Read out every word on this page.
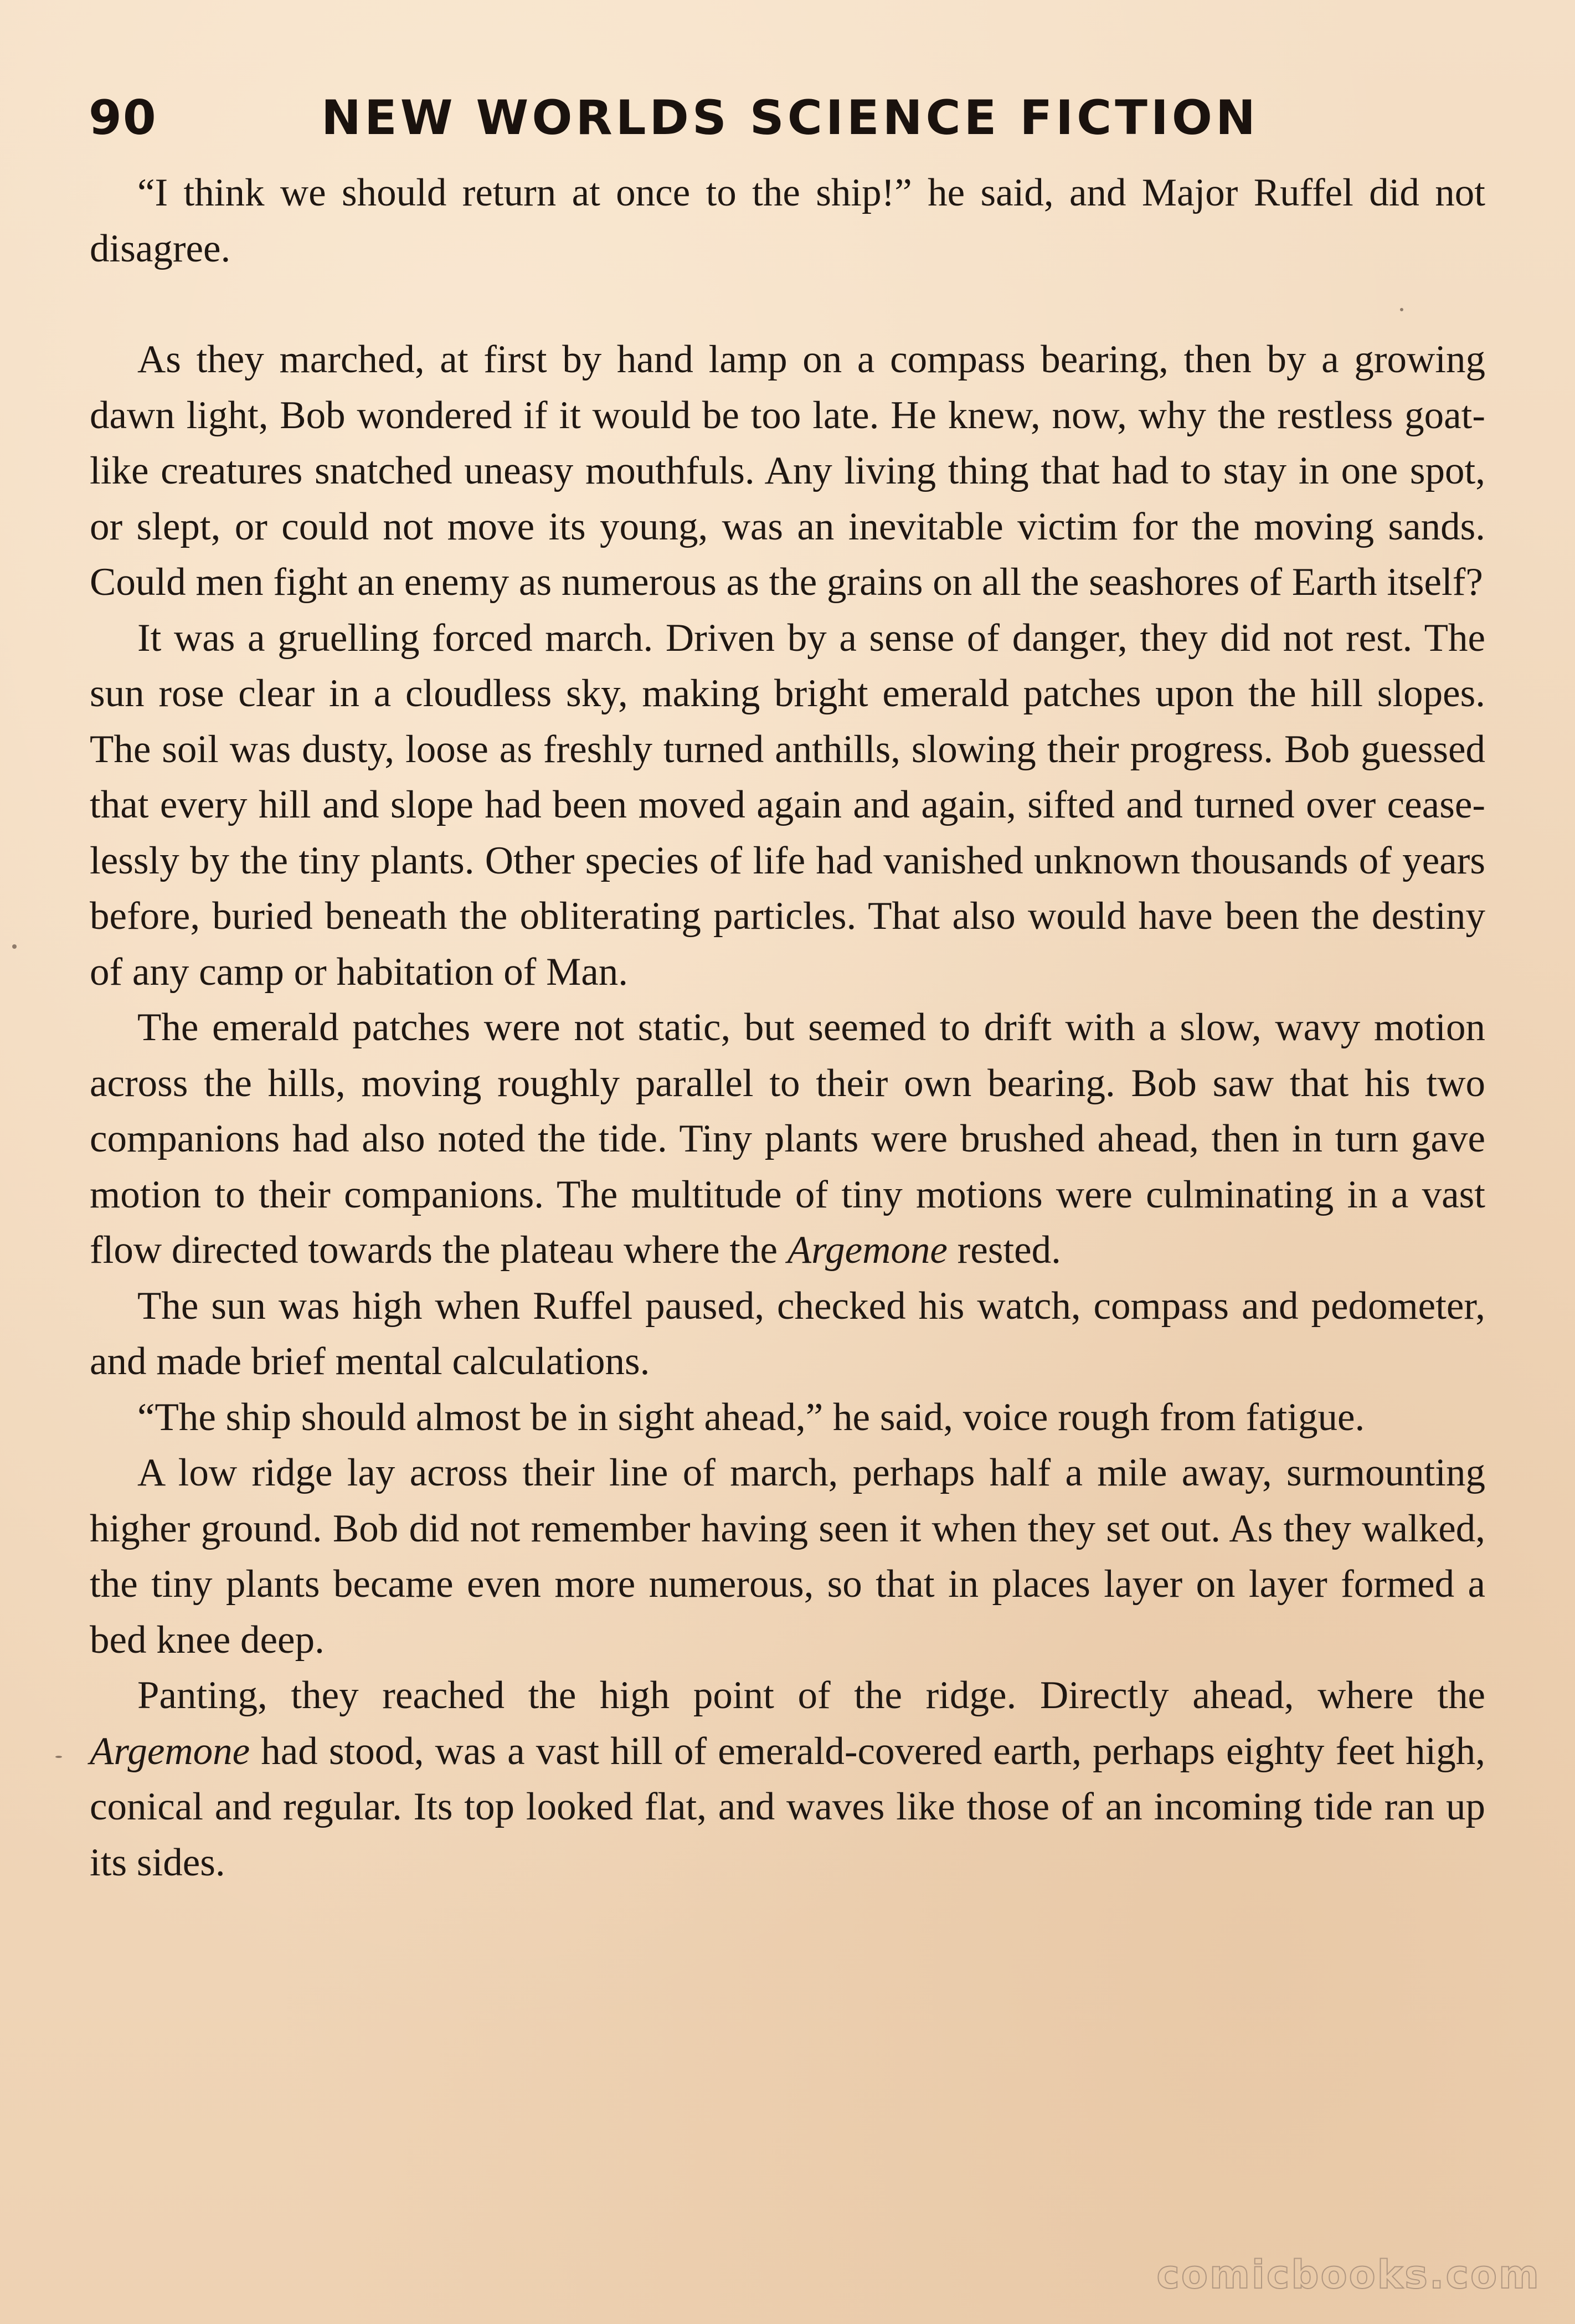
90	NEW WORLDS SCIENCE FICTION

“I think we should return at once to the ship!” he said, and Major Ruffel did not disagree.

As they marched, at first by hand lamp on a compass bearing, then by a growing dawn light, Bob wondered if it would be too late. He knew, now, why the restless goat-like creatures snatched uneasy mouthfuls. Any living thing that had to stay in one spot, or slept, or could not move its young, was an inevitable victim for the moving sands. Could men fight an enemy as numerous as the grains on all the seashores of Earth itself?

It was a gruelling forced march. Driven by a sense of danger, they did not rest. The sun rose clear in a cloudless sky, making bright emerald patches upon the hill slopes. The soil was dusty, loose as freshly turned anthills, slowing their progress. Bob guessed that every hill and slope had been moved again and again, sifted and turned over ceaselessly by the tiny plants. Other species of life had vanished unknown thousands of years before, buried beneath the obliterating particles. That also would have been the destiny of any camp or habitation of Man.

The emerald patches were not static, but seemed to drift with a slow, wavy motion across the hills, moving roughly parallel to their own bearing. Bob saw that his two companions had also noted the tide. Tiny plants were brushed ahead, then in turn gave motion to their companions. The multitude of tiny motions were culminating in a vast flow directed towards the plateau where the Argemone rested.

The sun was high when Ruffel paused, checked his watch, compass and pedometer, and made brief mental calculations.

“The ship should almost be in sight ahead,” he said, voice rough from fatigue.

A low ridge lay across their line of march, perhaps half a mile away, surmounting higher ground. Bob did not remember having seen it when they set out. As they walked, the tiny plants became even more numerous, so that in places layer on layer formed a bed knee deep.

Panting, they reached the high point of the ridge. Directly ahead, where the Argemone had stood, was a vast hill of emerald-covered earth, perhaps eighty feet high, conical and regular. Its top looked flat, and waves like those of an incoming tide ran up its sides.

comicbooks.com
